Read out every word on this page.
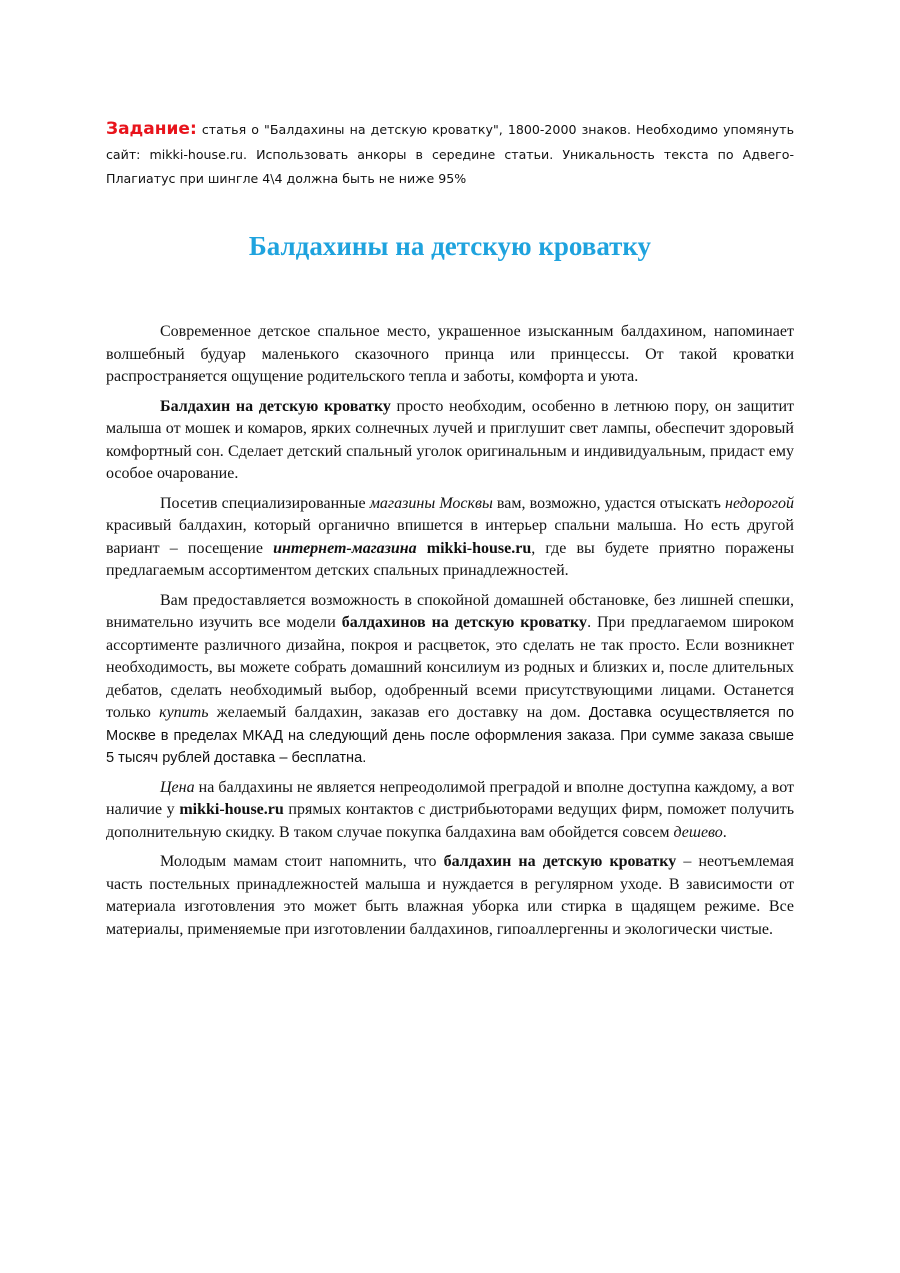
Задание: статья о "Балдахины на детскую кроватку", 1800-2000 знаков. Необходимо упомянуть сайт: mikki-house.ru. Использовать анкоры в середине статьи. Уникальность текста по Адвего-Плагиатус при шингле 4\4 должна быть не ниже 95%

Балдахины на детскую кроватку

Современное детское спальное место, украшенное изысканным балдахином, напоминает волшебный будуар маленького сказочного принца или принцессы. От такой кроватки распространяется ощущение родительского тепла и заботы, комфорта и уюта.

Балдахин на детскую кроватку просто необходим, особенно в летнюю пору, он защитит малыша от мошек и комаров, ярких солнечных лучей и приглушит свет лампы, обеспечит здоровый комфортный сон. Сделает детский спальный уголок оригинальным и индивидуальным, придаст ему особое очарование.

Посетив специализированные магазины Москвы вам, возможно, удастся отыскать недорогой красивый балдахин, который органично впишется в интерьер спальни малыша. Но есть другой вариант – посещение интернет-магазина mikki-house.ru, где вы будете приятно поражены предлагаемым ассортиментом детских спальных принадлежностей.

Вам предоставляется возможность в спокойной домашней обстановке, без лишней спешки, внимательно изучить все модели балдахинов на детскую кроватку. При предлагаемом широком ассортименте различного дизайна, покроя и расцветок, это сделать не так просто. Если возникнет необходимость, вы можете собрать домашний консилиум из родных и близких и, после длительных дебатов, сделать необходимый выбор, одобренный всеми присутствующими лицами. Останется только купить желаемый балдахин, заказав его доставку на дом. Доставка осуществляется по Москве в пределах МКАД на следующий день после оформления заказа. При сумме заказа свыше 5 тысяч рублей доставка – бесплатна.

Цена на балдахины не является непреодолимой преградой и вполне доступна каждому, а вот наличие у mikki-house.ru прямых контактов с дистрибьюторами ведущих фирм, поможет получить дополнительную скидку. В таком случае покупка балдахина вам обойдется совсем дешево.

Молодым мамам стоит напомнить, что балдахин на детскую кроватку – неотъемлемая часть постельных принадлежностей малыша и нуждается в регулярном уходе. В зависимости от материала изготовления это может быть влажная уборка или стирка в щадящем режиме. Все материалы, применяемые при изготовлении балдахинов, гипоаллергенны и экологически чистые.
